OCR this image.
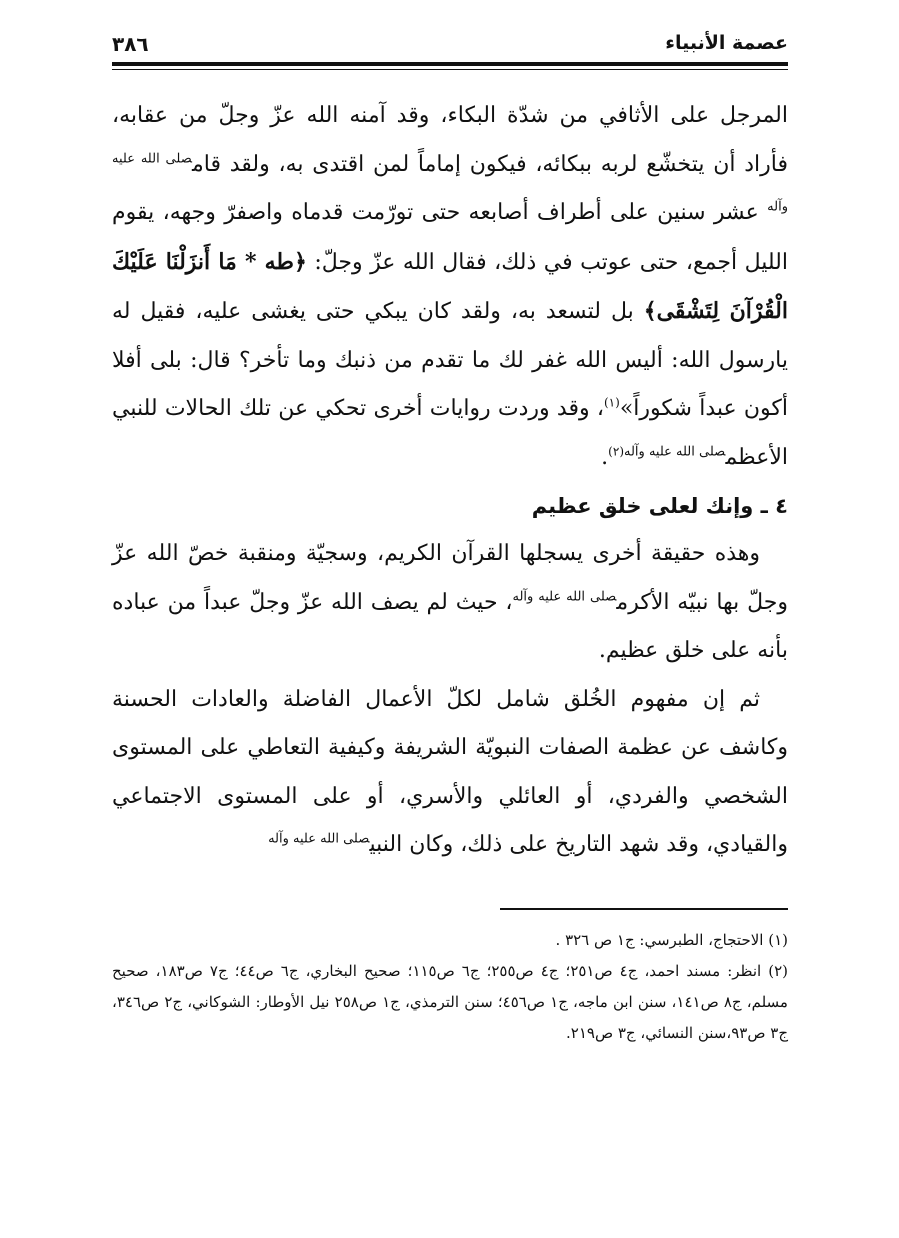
عصمة الأنبياء
٣٨٦

المرجل على الأثافي من شدّة البكاء، وقد آمنه الله عزّ وجلّ من عقابه، فأراد أن يتخشّع لربه ببكائه، فيكون إماماً لمن اقتدى به، ولقد قام$^{صلى الله عليه وآله}$ عشر سنين على أطراف أصابعه حتى تورّمت قدماه واصفرّ وجهه، يقوم الليل أجمع، حتى عوتب في ذلك، فقال الله عزّ وجلّ: ﴿طه * مَا أَنزَلْنَا عَلَيْكَ الْقُرْآنَ لِتَشْقَى﴾ بل لتسعد به، ولقد كان يبكي حتى يغشى عليه، فقيل له يارسول الله: أليس الله غفر لك ما تقدم من ذنبك وما تأخر؟ قال: بلى أفلا أكون عبداً شكوراً»$^{(١)}$، وقد وردت روايات أخرى تحكي عن تلك الحالات للنبي الأعظم$^{صلى الله عليه وآله(٢)}$.

٤ ـ وإنك لعلى خلق عظيم

وهذه حقيقة أخرى يسجلها القرآن الكريم، وسجيّة ومنقبة خصّ الله عزّ وجلّ بها نبيّه الأكرم$^{صلى الله عليه وآله}$، حيث لم يصف الله عزّ وجلّ عبداً من عباده بأنه على خلق عظيم.

ثم إن مفهوم الخُلق شامل لكلّ الأعمال الفاضلة والعادات الحسنة وكاشف عن عظمة الصفات النبويّة الشريفة وكيفية التعاطي على المستوى الشخصي والفردي، أو العائلي والأسري، أو على المستوى الاجتماعي والقيادي، وقد شهد التاريخ على ذلك، وكان النبي$^{صلى الله عليه وآله}$

(١) الاحتجاج، الطبرسي: ج١ ص ٣٢٦ .

(٢) انظر: مسند احمد، ج٤ ص٢٥١؛ ج٤ ص٢٥٥؛ ج٦ ص١١٥؛ صحيح البخاري، ج٦ ص٤٤؛ ج٧ ص١٨٣، صحيح مسلم، ج٨ ص١٤١، سنن ابن ماجه، ج١ ص٤٥٦؛ سنن الترمذي، ج١ ص٢٥٨ نيل الأوطار: الشوكاني، ج٢ ص٣٤٦، ج٣ ص٩٣،سنن النسائي، ج٣ ص٢١٩.
